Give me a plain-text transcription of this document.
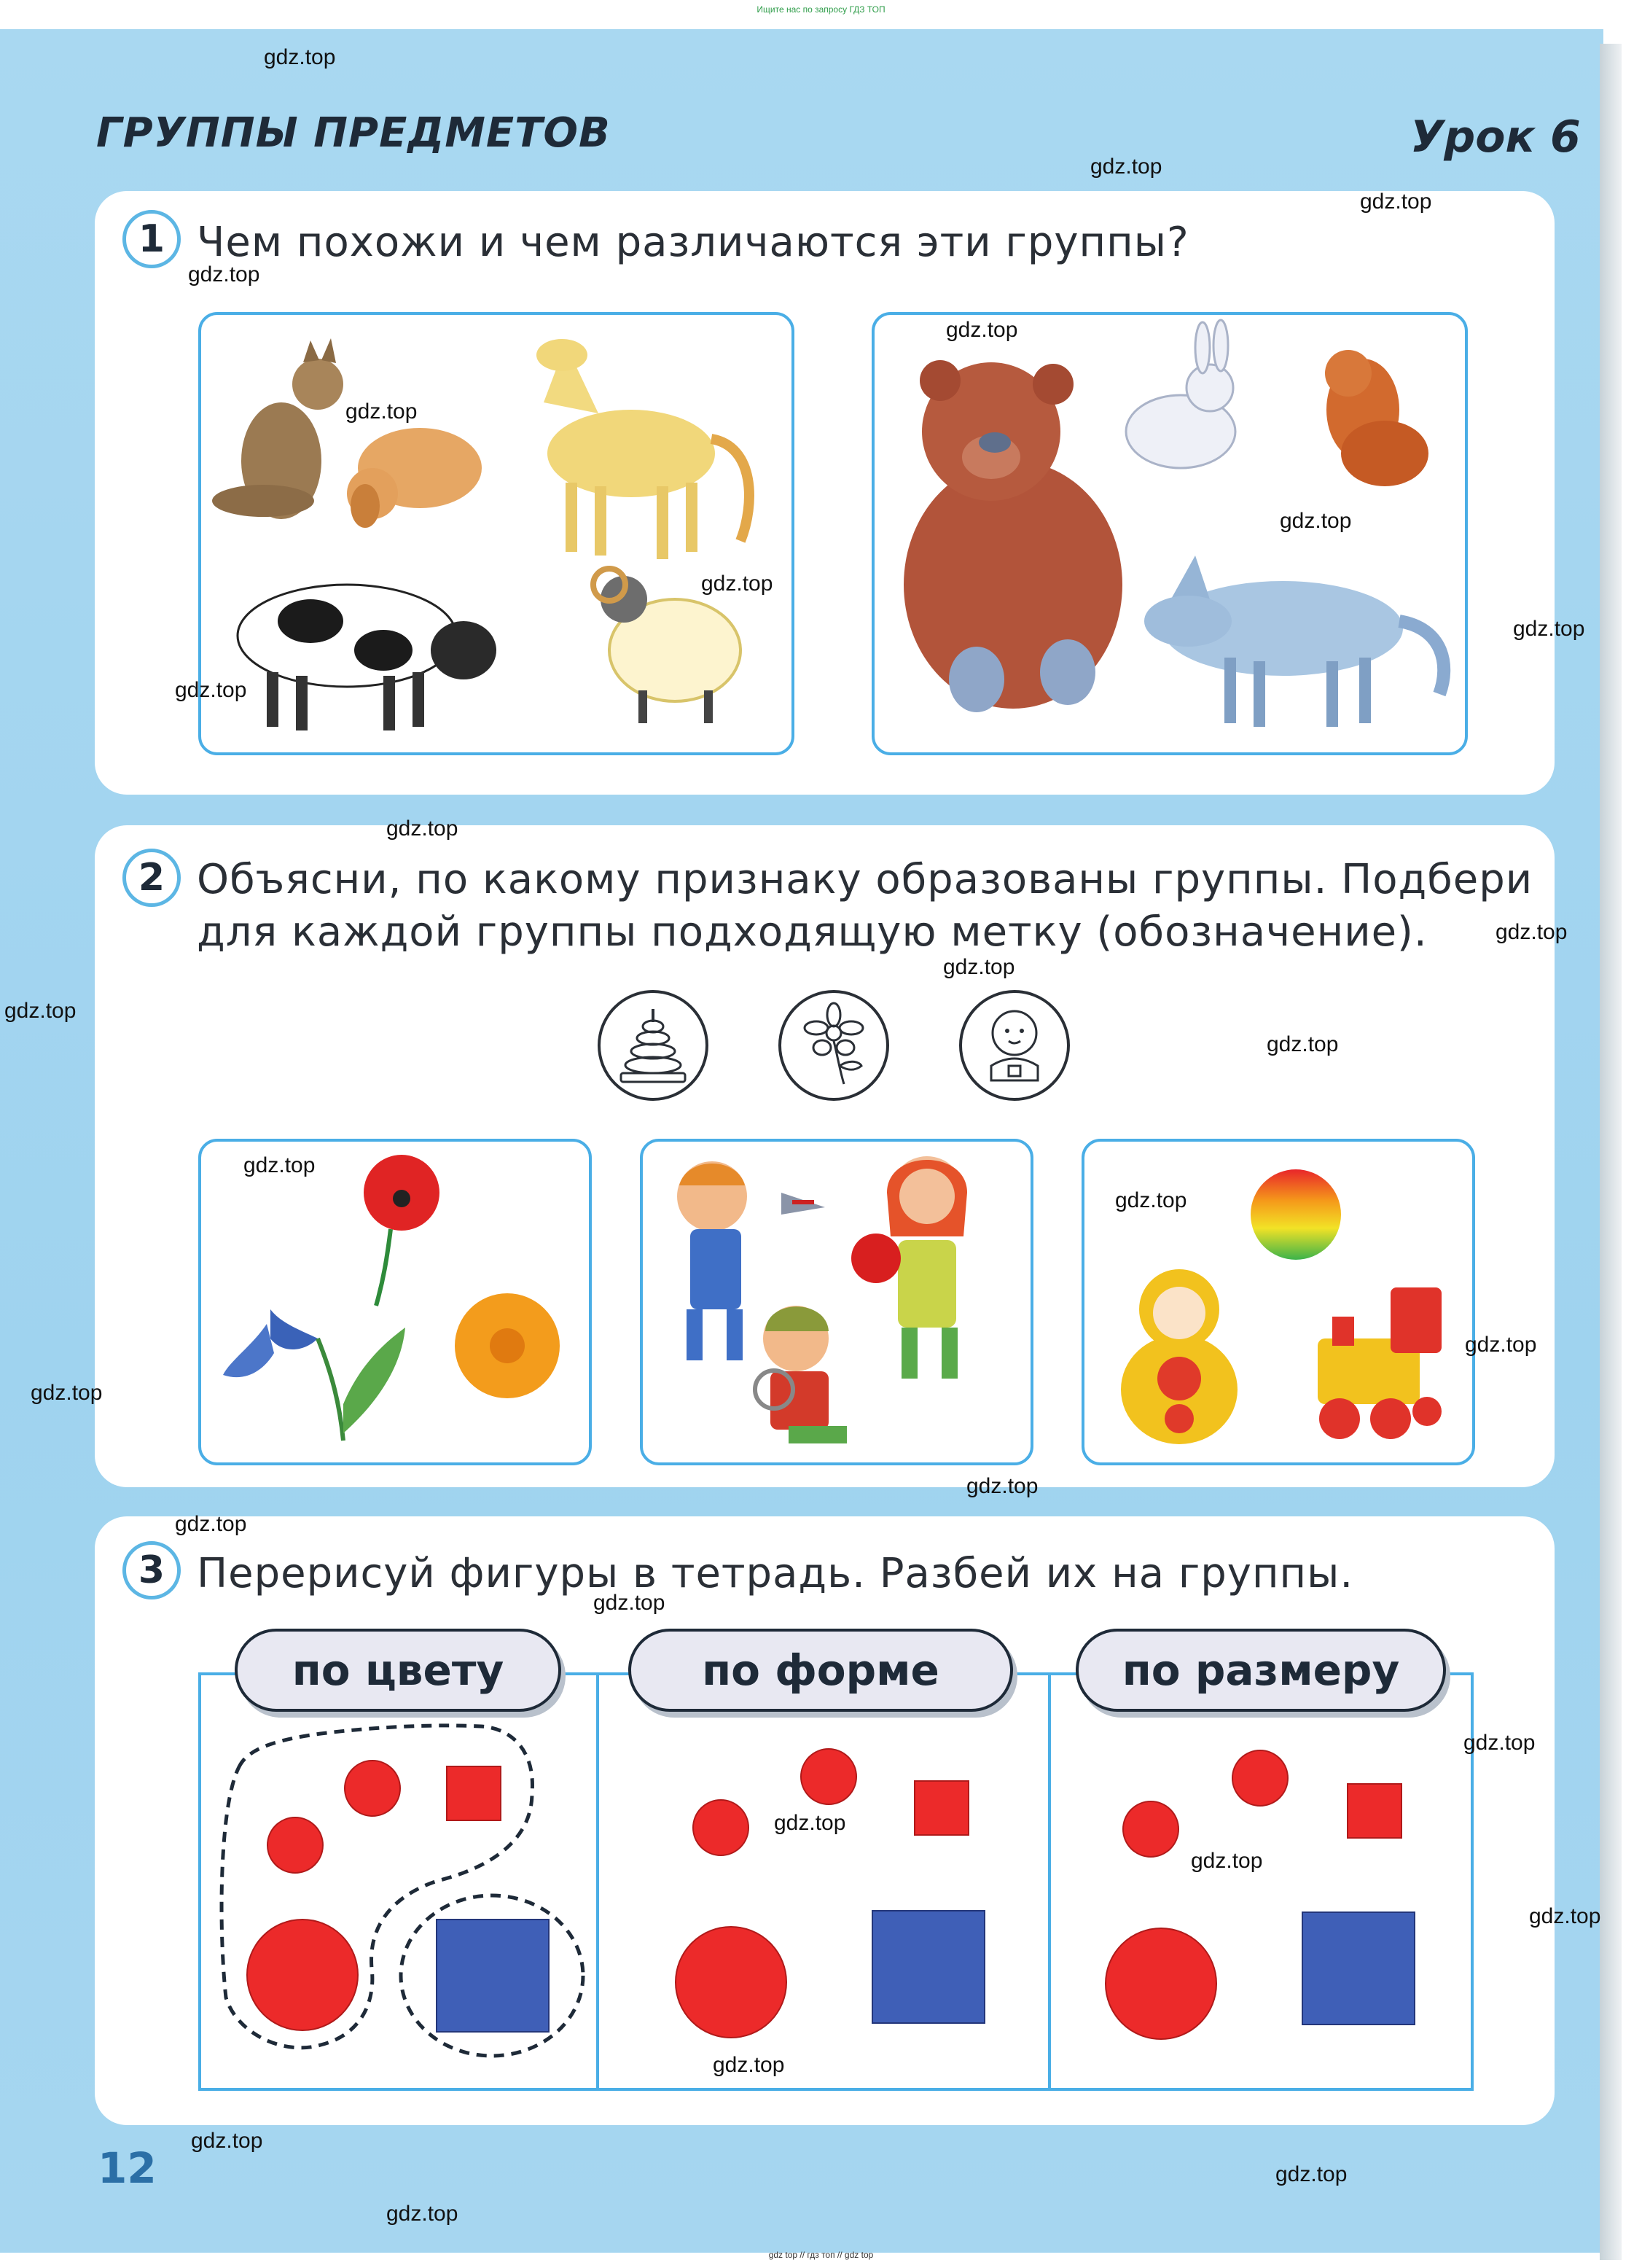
Ищите нас по запросу ГДЗ ТОП
ГРУППЫ ПРЕДМЕТОВ	Урок 6
1 Чем похожи и чем различаются эти группы?
2 Объясни, по какому признаку образованы группы. Подбери
для каждой группы подходящую метку (обозначение).
3 Перерисуй фигуры в тетрадь. Разбей их на группы.
по цвету	по форме	по размеру
12
gdz.top
gdz.top
gdz.top
gdz.top
gdz.top
gdz.top
gdz.top
gdz.top
gdz.top
gdz.top
gdz.top
gdz.top
gdz.top
gdz.top
gdz.top
gdz.top
gdz.top
gdz.top
gdz.top
gdz.top
gdz.top
gdz.top
gdz.top
gdz.top
gdz.top
gdz.top
gdz.top
gdz.top
gdz.top
gdz.top
gdz top // гдз топ // gdz top
